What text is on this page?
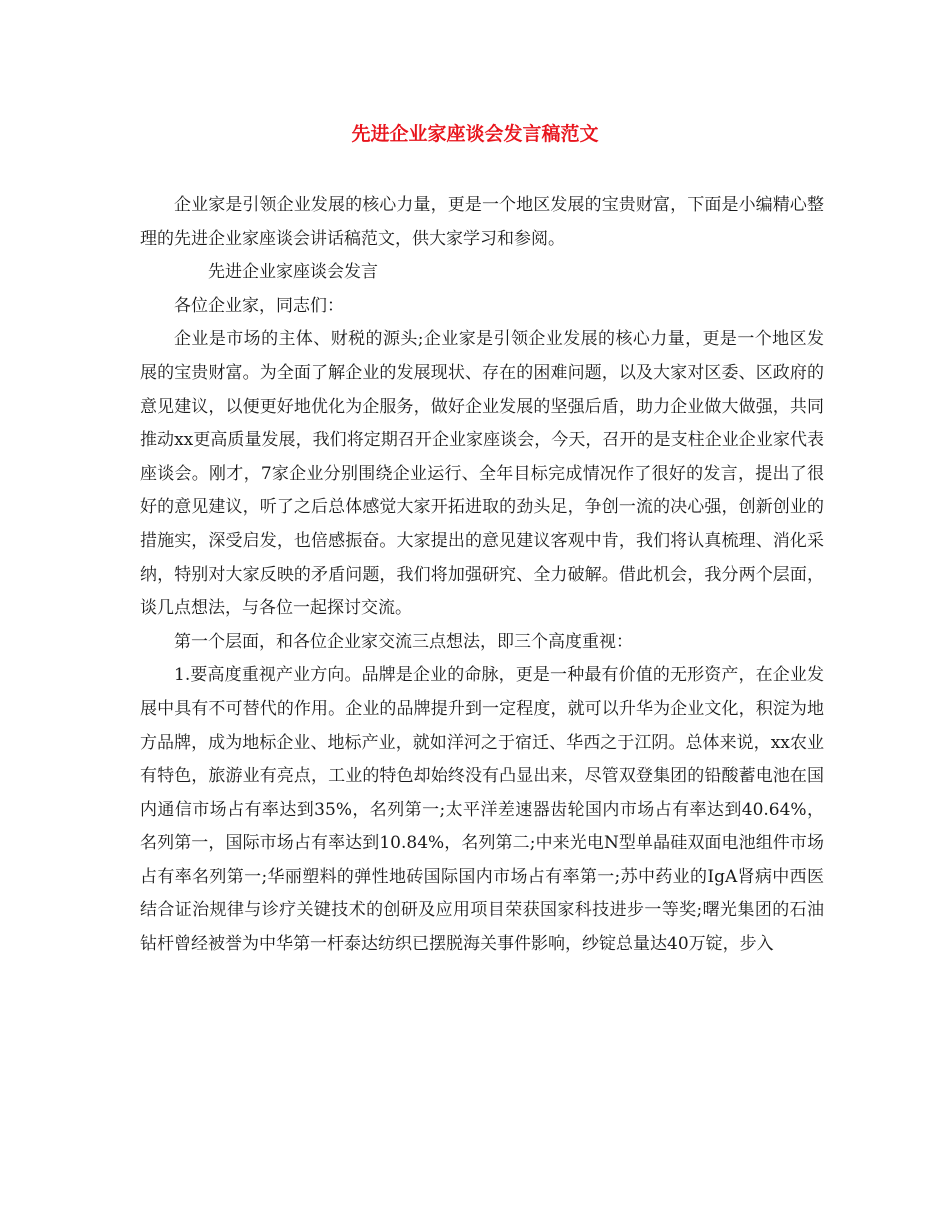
先进企业家座谈会发言稿范文

企业家是引领企业发展的核心力量，更是一个地区发展的宝贵财富，下面是小编精心整理的先进企业家座谈会讲话稿范文，供大家学习和参阅。

先进企业家座谈会发言

各位企业家，同志们：

企业是市场的主体、财税的源头;企业家是引领企业发展的核心力量，更是一个地区发展的宝贵财富。为全面了解企业的发展现状、存在的困难问题，以及大家对区委、区政府的意见建议，以便更好地优化为企服务，做好企业发展的坚强后盾，助力企业做大做强，共同推动xx更高质量发展，我们将定期召开企业家座谈会，今天，召开的是支柱企业企业家代表座谈会。刚才，7家企业分别围绕企业运行、全年目标完成情况作了很好的发言，提出了很好的意见建议，听了之后总体感觉大家开拓进取的劲头足，争创一流的决心强，创新创业的措施实，深受启发，也倍感振奋。大家提出的意见建议客观中肯，我们将认真梳理、消化采纳，特别对大家反映的矛盾问题，我们将加强研究、全力破解。借此机会，我分两个层面，谈几点想法，与各位一起探讨交流。

第一个层面，和各位企业家交流三点想法，即三个高度重视：

1.要高度重视产业方向。品牌是企业的命脉，更是一种最有价值的无形资产，在企业发展中具有不可替代的作用。企业的品牌提升到一定程度，就可以升华为企业文化，积淀为地方品牌，成为地标企业、地标产业，就如洋河之于宿迁、华西之于江阴。总体来说，xx农业有特色，旅游业有亮点，工业的特色却始终没有凸显出来，尽管双登集团的铅酸蓄电池在国内通信市场占有率达到35%，名列第一;太平洋差速器齿轮国内市场占有率达到40.64%，名列第一，国际市场占有率达到10.84%，名列第二;中来光电N型单晶硅双面电池组件市场占有率名列第一;华丽塑料的弹性地砖国际国内市场占有率第一;苏中药业的IgA肾病中西医结合证治规律与诊疗关键技术的创研及应用项目荣获国家科技进步一等奖;曙光集团的石油钻杆曾经被誉为中华第一杆泰达纺织已摆脱海关事件影响，纱锭总量达40万锭，步入
